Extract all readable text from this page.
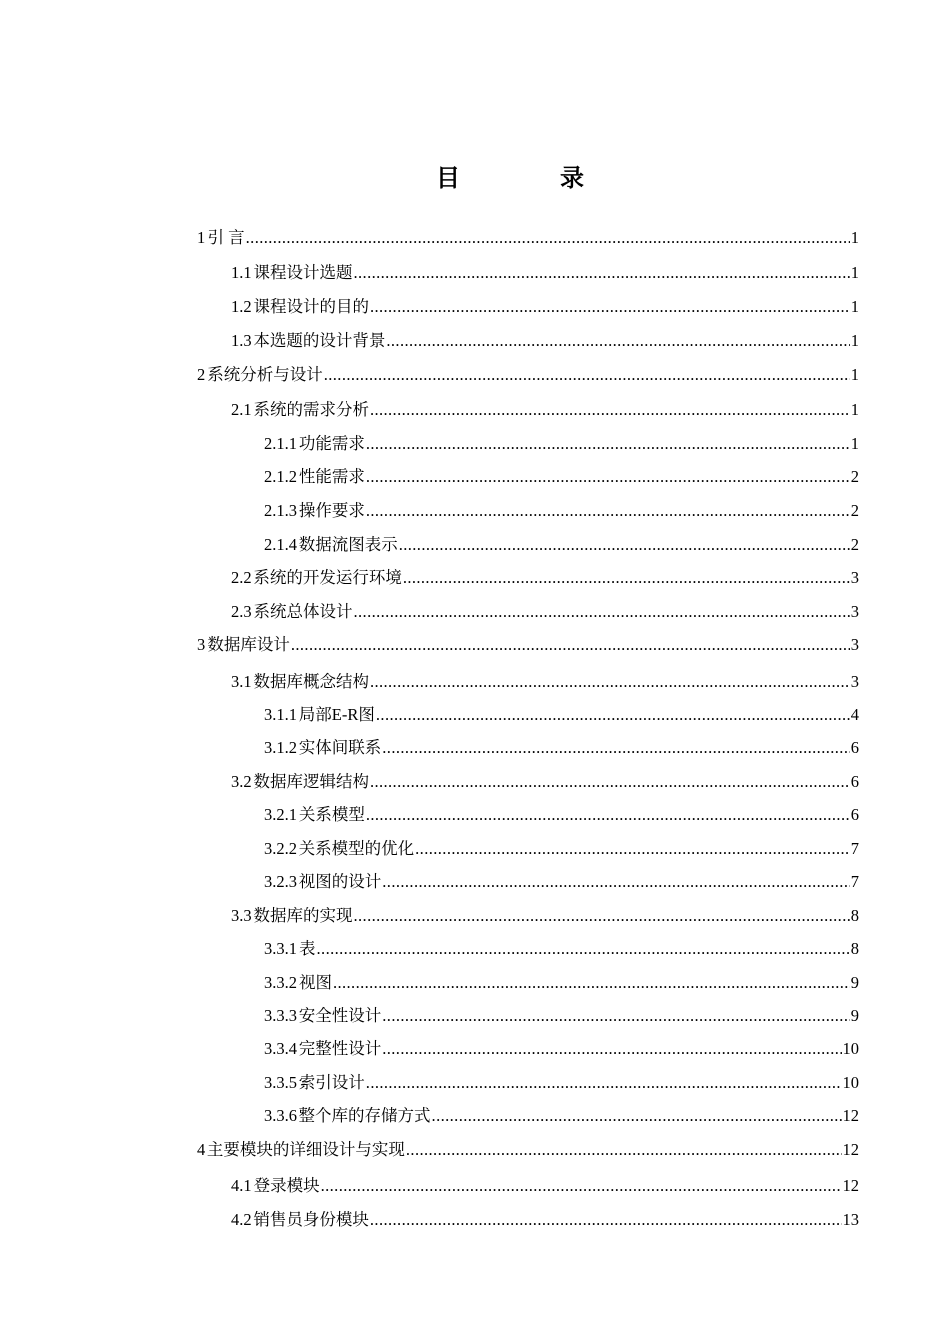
目　录
1 引 言 .....	1
1.1 课程设计选题 .....	1
1.2 课程设计的目的 .....	1
1.3 本选题的设计背景 .....	1
2 系统分析与设计 .....	1
2.1 系统的需求分析 .....	1
2.1.1 功能需求 .....	1
2.1.2 性能需求 .....	2
2.1.3 操作要求 .....	2
2.1.4 数据流图表示 .....	2
2.2 系统的开发运行环境 .....	3
2.3 系统总体设计 .....	3
3 数据库设计 .....	3
3.1 数据库概念结构 .....	3
3.1.1 局部E-R图 .....	4
3.1.2 实体间联系 .....	6
3.2 数据库逻辑结构 .....	6
3.2.1 关系模型 .....	6
3.2.2 关系模型的优化 .....	7
3.2.3 视图的设计 .....	7
3.3 数据库的实现 .....	8
3.3.1 表 .....	8
3.3.2 视图 .....	9
3.3.3 安全性设计 .....	9
3.3.4 完整性设计 .....	10
3.3.5 索引设计 .....	10
3.3.6 整个库的存储方式 .....	12
4 主要模块的详细设计与实现 .....	12
4.1 登录模块 .....	12
4.2 销售员身份模块 .....	13
